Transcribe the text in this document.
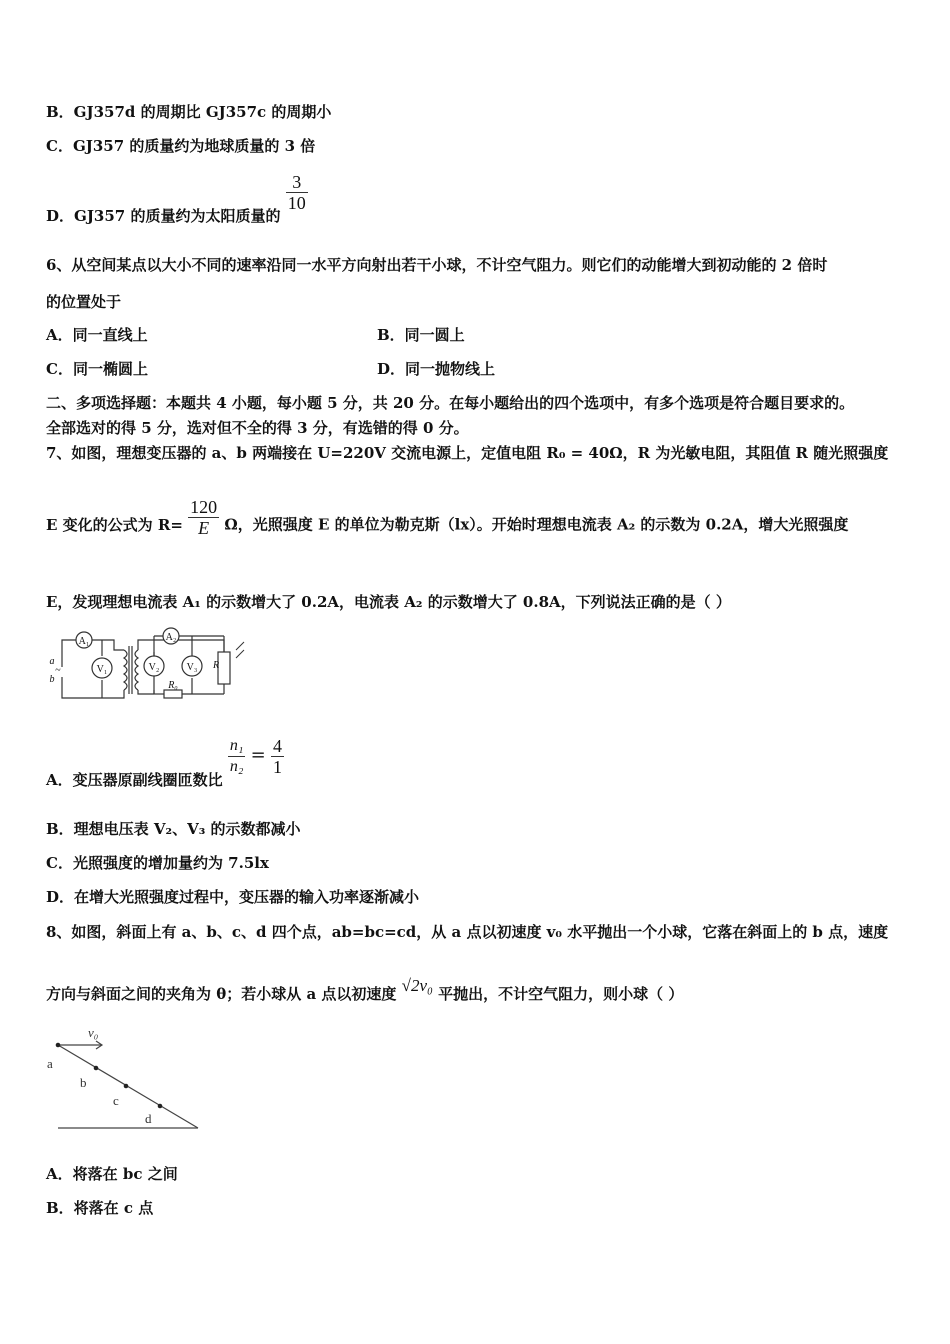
B．GJ357d 的周期比 GJ357c 的周期小
C．GJ357 的质量约为地球质量的 3 倍
D．GJ357 的质量约为太阳质量的
$\frac{3}{10}$
6、从空间某点以大小不同的速率沿同一水平方向射出若干小球，不计空气阻力。则它们的动能增大到初动能的 2 倍时
的位置处于
A．同一直线上	B．同一圆上
C．同一椭圆上	D．同一抛物线上
二、多项选择题：本题共 4 小题，每小题 5 分，共 20 分。在每小题给出的四个选项中，有多个选项是符合题目要求的。
全部选对的得 5 分，选对但不全的得 3 分，有选错的得 0 分。
7、如图，理想变压器的 a、b 两端接在 U=220V 交流电源上，定值电阻 R₀ = 40Ω，R 为光敏电阻，其阻值 R 随光照强度
E 变化的公式为 $R= \frac{120}{E}$ Ω，光照强度 E 的单位为勒克斯（lx）。开始时理想电流表 A₂ 的示数为 0.2A，增大光照强度
E，发现理想电流表 A₁ 的示数增大了 0.2A，电流表 A₂ 的示数增大了 0.8A，下列说法正确的是（ ）
A₁
V₁
A₂
V₂	V₃ R
R₀
a
b
~
A．变压器原副线圈匝数比
$\frac{\text{n₁}}{\text{n₂}} = \frac{4}{1}$
B．理想电压表 V₂、V₃ 的示数都减小
C．光照强度的增加量约为 7.5lx
D．在增大光照强度过程中，变压器的输入功率逐渐减小
8、如图，斜面上有 a、b、c、d 四个点，ab=bc=cd，从 a 点以初速度 v₀ 水平抛出一个小球，它落在斜面上的 b 点，速度
方向与斜面之间的夹角为 θ；若小球从 a 点以初速度 √2v₀ 平抛出，不计空气阻力，则小球（ ）
v₀
a
b
c
d
A．将落在 bc 之间
B．将落在 c 点
